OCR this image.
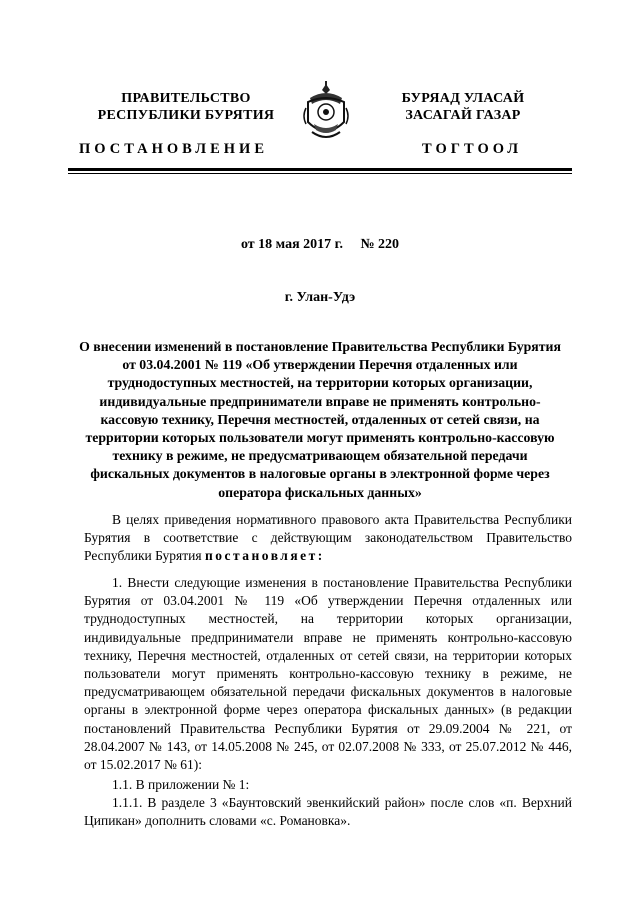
ПРАВИТЕЛЬСТВО
РЕСПУБЛИКИ БУРЯТИЯ
БУРЯАД УЛАСАЙ
ЗАСАГАЙ ГАЗАР
ПОСТАНОВЛЕНИЕ	ТОГТООЛ
от 18 мая 2017 г. № 220
г. Улан-Удэ
О внесении изменений в постановление Правительства Республики Бурятия от 03.04.2001 № 119 «Об утверждении Перечня отдаленных или труднодоступных местностей, на территории которых организации, индивидуальные предприниматели вправе не применять контрольно-кассовую технику, Перечня местностей, отдаленных от сетей связи, на территории которых пользователи могут применять контрольно-кассовую технику в режиме, не предусматривающем обязательной передачи фискальных документов в налоговые органы в электронной форме через оператора фискальных данных»

В целях приведения нормативного правового акта Правительства Республики Бурятия в соответствие с действующим законодательством Правительство Республики Бурятия постановляет:

1. Внести следующие изменения в постановление Правительства Республики Бурятия от 03.04.2001 № 119 «Об утверждении Перечня отдаленных или труднодоступных местностей, на территории которых организации, индивидуальные предприниматели вправе не применять контрольно-кассовую технику, Перечня местностей, отдаленных от сетей связи, на территории которых пользователи могут применять контрольно-кассовую технику в режиме, не предусматривающем обязательной передачи фискальных документов в налоговые органы в электронной форме через оператора фискальных данных» (в редакции постановлений Правительства Республики Бурятия от 29.09.2004 № 221, от 28.04.2007 № 143, от 14.05.2008 № 245, от 02.07.2008 № 333, от 25.07.2012 № 446, от 15.02.2017 № 61):

1.1. В приложении № 1:

1.1.1. В разделе 3 «Баунтовский эвенкийский район» после слов «п. Верхний Ципикан» дополнить словами «с. Романовка».
